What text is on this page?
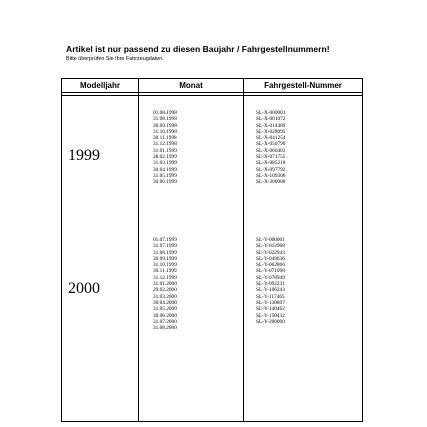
Artikel ist nur passend zu diesen Baujahr / Fahrgestellnummern!
Bitte überprüfen Sie Ihre Fahrzeugdaten.
Modelljahr	Monat	Fahrgestell-Nummer
1999
01.08.1998
31.08.1998
30.09.1998
31.10.1998
30.11.1998
31.12.1998
31.01.1999
28.02.1999
31.03.1999
30.04.1999
31.05.1999
30.06.1999
SL-X-000001
SL-X-001072
SL-X-014489
SL-X-028095
SL-X-041254
SL-X-050790
SL-X-060483
SL-X-071755
SL-X-085218
SL-X-097792
SL-X-109306
SL-X-200000
2000
01.07.1999
31.07.1999
31.08.1999
30.09.1999
31.10.1999
30.11.1999
31.12.1999
31.01.2000
29.02.2000
31.03.2000
30.04.2000
31.05.2000
30.06.2000
31.07.2000
31.08.2000
SL-Y-000001
SL-Y-012968
SL-Y-022943
SL-Y-049636
SL-Y-062866
SL-Y-071098
SL-Y-078949
SL-Y-092231
SL-Y-106243
SL-Y-117465
SL-Y-130807
SL-Y-140462
SL-Y-150432
SL-Y-200000
